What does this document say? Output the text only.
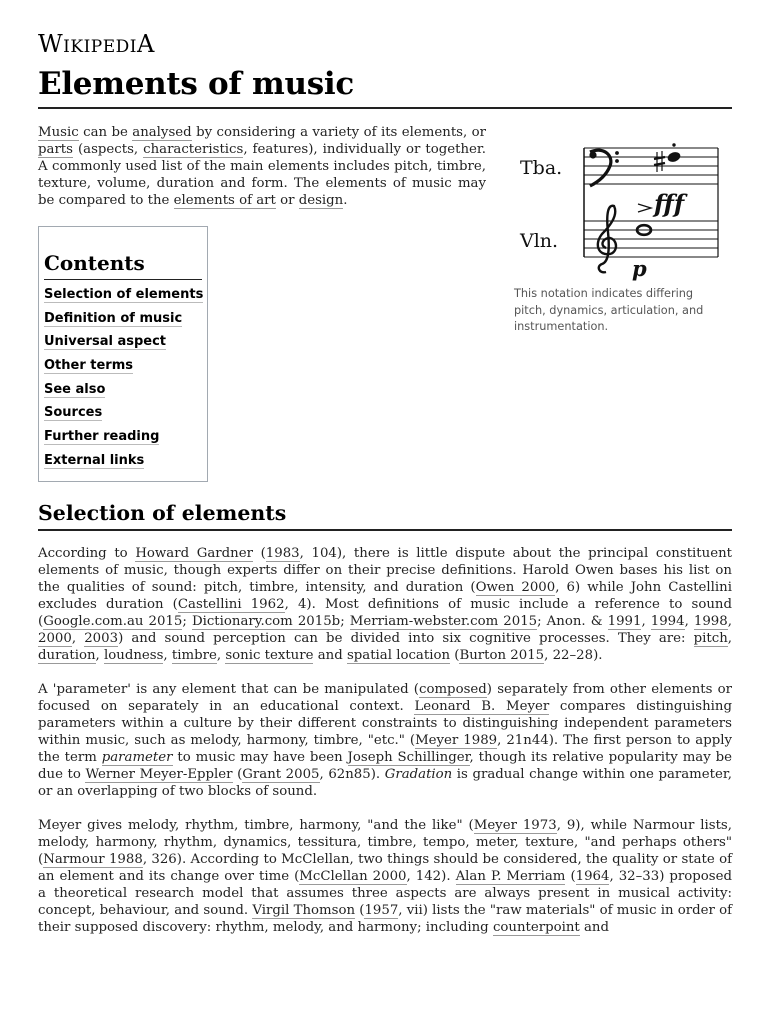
WIKIPEDIA
Elements of music

Music can be analysed by considering a variety of its elements, or parts (aspects, characteristics, features), individually or together. A commonly used list of the main elements includes pitch, timbre, texture, volume, duration and form. The elements of music may be compared to the elements of art or design.

Contents
Selection of elements
Definition of music
Universal aspect
Other terms
See also
Sources
Further reading
External links
Tba.
Vln.
fff
p
This notation indicates differing pitch, dynamics, articulation, and instrumentation.
Selection of elements

According to Howard Gardner (1983, 104), there is little dispute about the principal constituent elements of music, though experts differ on their precise definitions. Harold Owen bases his list on the qualities of sound: pitch, timbre, intensity, and duration (Owen 2000, 6) while John Castellini excludes duration (Castellini 1962, 4). Most definitions of music include a reference to sound (Google.com.au 2015; Dictionary.com 2015b; Merriam-webster.com 2015; Anon. & 1991, 1994, 1998, 2000, 2003) and sound perception can be divided into six cognitive processes. They are: pitch, duration, loudness, timbre, sonic texture and spatial location (Burton 2015, 22–28).

A 'parameter' is any element that can be manipulated (composed) separately from other elements or focused on separately in an educational context. Leonard B. Meyer compares distinguishing parameters within a culture by their different constraints to distinguishing independent parameters within music, such as melody, harmony, timbre, "etc." (Meyer 1989, 21n44). The first person to apply the term parameter to music may have been Joseph Schillinger, though its relative popularity may be due to Werner Meyer-Eppler (Grant 2005, 62n85). Gradation is gradual change within one parameter, or an overlapping of two blocks of sound.

Meyer gives melody, rhythm, timbre, harmony, "and the like" (Meyer 1973, 9), while Narmour lists, melody, harmony, rhythm, dynamics, tessitura, timbre, tempo, meter, texture, "and perhaps others" (Narmour 1988, 326). According to McClellan, two things should be considered, the quality or state of an element and its change over time (McClellan 2000, 142). Alan P. Merriam (1964, 32–33) proposed a theoretical research model that assumes three aspects are always present in musical activity: concept, behaviour, and sound. Virgil Thomson (1957, vii) lists the "raw materials" of music in order of their supposed discovery: rhythm, melody, and harmony; including counterpoint and
